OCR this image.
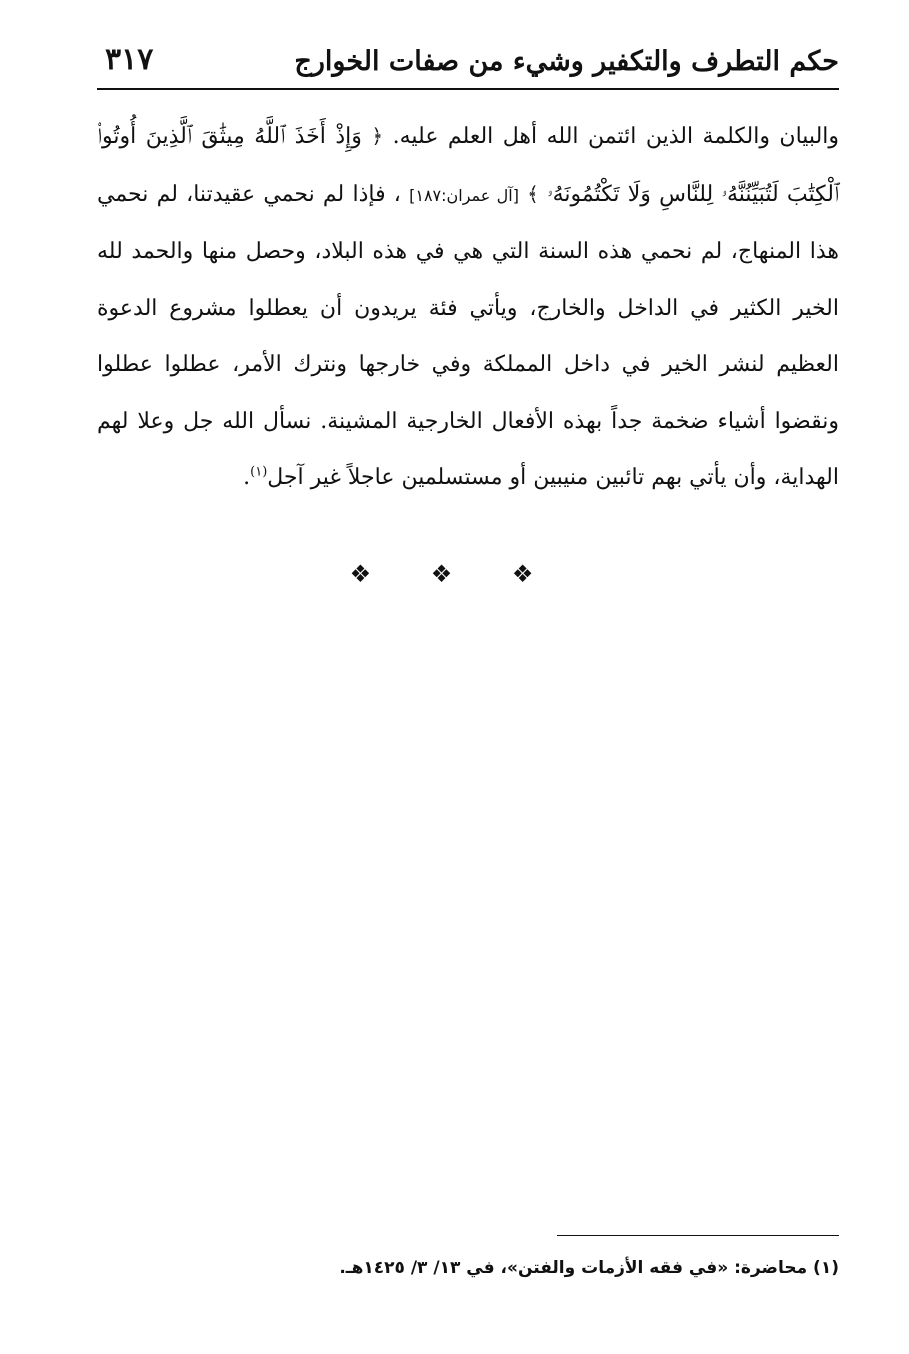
حكم التطرف والتكفير وشيء من صفات الخوارج
٣١٧

والبيان والكلمة الذين ائتمن الله أهل العلم عليه. ﴿ وَإِذْ أَخَذَ ٱللَّهُ مِيثَٰقَ ٱلَّذِينَ أُوتُوا۟ ٱلْكِتَٰبَ لَتُبَيِّنُنَّهُۥ لِلنَّاسِ وَلَا تَكْتُمُونَهُۥ ﴾ [آل عمران:١٨٧] ، فإذا لم نحمي عقيدتنا، لم نحمي هذا المنهاج، لم نحمي هذه السنة التي هي في هذه البلاد، وحصل منها والحمد لله الخير الكثير في الداخل والخارج، ويأتي فئة يريدون أن يعطلوا مشروع الدعوة العظيم لنشر الخير في داخل المملكة وفي خارجها ونترك الأمر، عطلوا عطلوا ونقضوا أشياء ضخمة جداً بهذه الأفعال الخارجية المشينة. نسأل الله جل وعلا لهم الهداية، وأن يأتي بهم تائبين منيبين أو مستسلمين عاجلاً غير آجل$^{(١)}$.

❖ ❖ ❖
(١) محاضرة: «في فقه الأزمات والفتن»، في ١٣/ ٣/ ١٤٢٥هـ.
